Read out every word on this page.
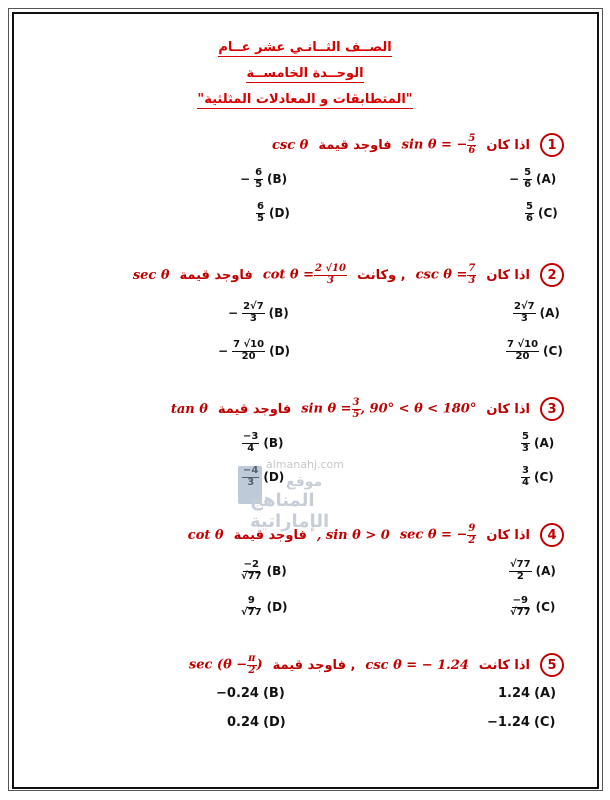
الصــف الثــانـي عشر عــام
الوحــدة الخامســة
"المتطابقات و المعادلات المثلثية"
1
اذا كان
sin θ = − $\frac{5}{6}$
فاوجد قيمة
csc θ
− $\frac{5}{6} (A)$
− $\frac{6}{5} (B)$
$\frac{5}{6} (C)$
$\frac{6}{5} (D)$
2
اذا كان
$\csc \theta = \frac{7}{3}$
, وكانت
$\cot \theta = \frac{2 √10}{3}$
فاوجد قيمة
sec θ
$\frac{2√7}{3} (A)$
− $\frac{2√7}{3} (B)$
$\frac{7 √10}{20} (C)$
− $\frac{7 √10}{20} (D)$
3
اذا كان
$\sin \theta = \frac{3}{5}$ , 90° < θ < 180°
فاوجد قيمة
tan θ
$\frac{5}{3} (A)$
$\frac{-3}{4} (B)$
$\frac{3}{4} (C)$
(D)
almanahj.com
موقع
المناهج الإماراتية
4
اذا كان
sec θ = − $\frac{9}{2}$
, sin θ > 0
فاوجد قيمة
cot θ
$\frac{√77}{2} (A)$
$\frac{-2}{√77} (B)$
$\frac{-9}{√77} (C)$
$\frac{9}{√77} (D)$
5
اذا كانت
csc θ = − 1.24
, فاوجد قيمة
$\sec (\theta - \frac{\pi}{2}$ )
1.24 (A)
−0.24 (B)
−1.24 (C)
0.24 (D)
